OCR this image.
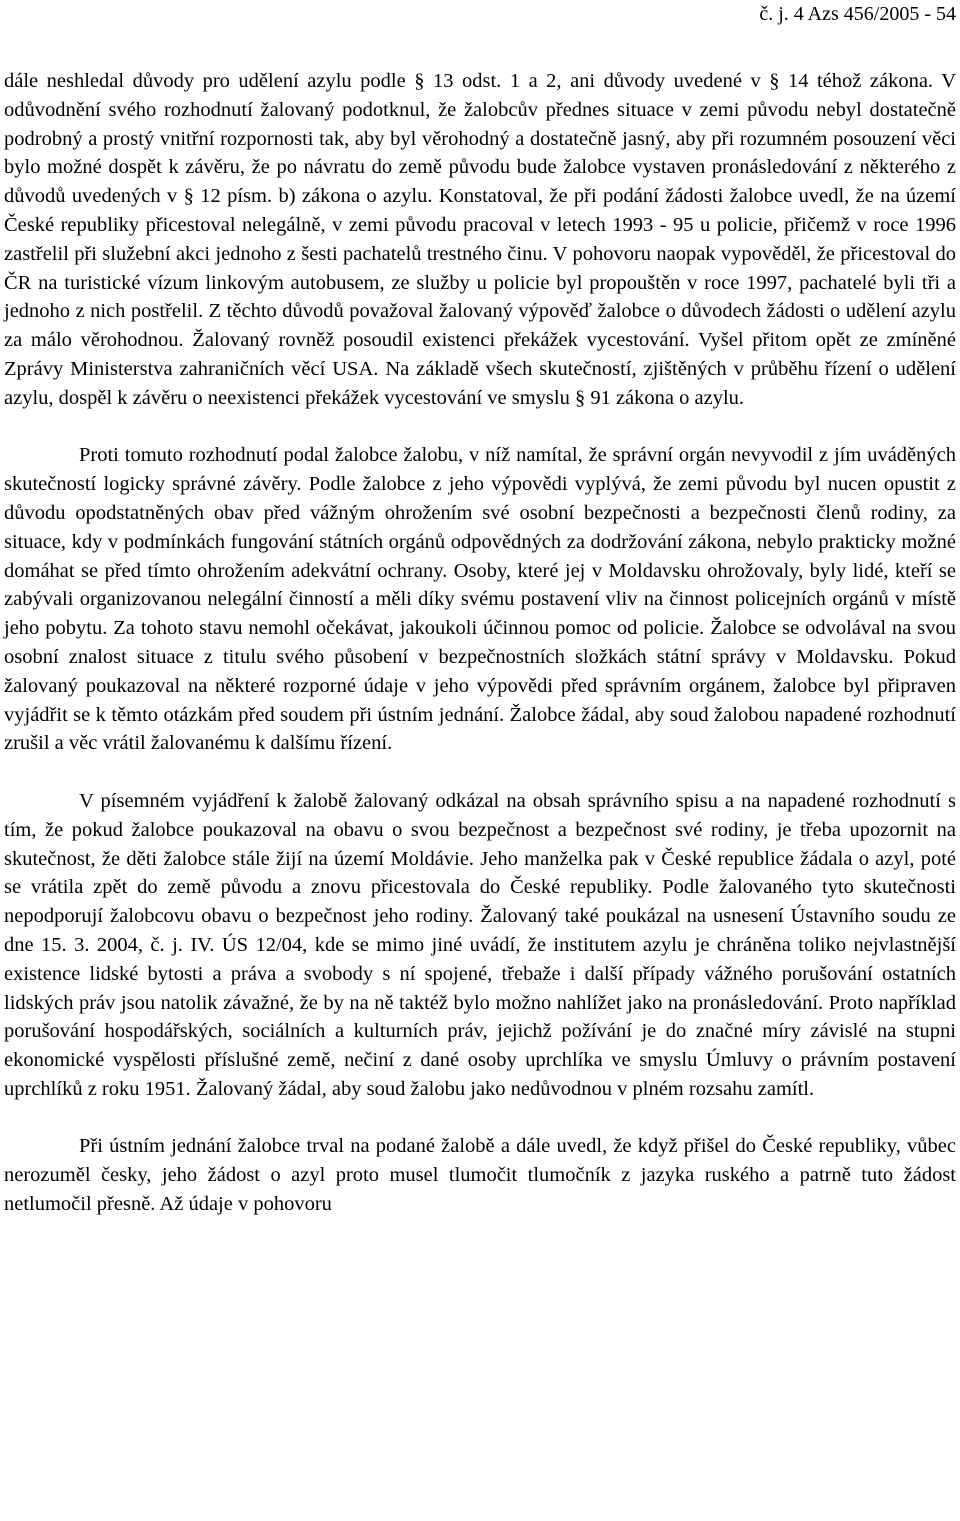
č. j. 4 Azs 456/2005 - 54

dále neshledal důvody pro udělení azylu podle § 13 odst. 1 a 2, ani důvody uvedené v § 14 téhož zákona. V odůvodnění svého rozhodnutí žalovaný podotknul, že žalobcův přednes situace v zemi původu nebyl dostatečně podrobný a prostý vnitřní rozpornosti tak, aby byl věrohodný a dostatečně jasný, aby při rozumném posouzení věci bylo možné dospět k závěru, že po návratu do země původu bude žalobce vystaven pronásledování z některého z důvodů uvedených v § 12 písm. b) zákona o azylu. Konstatoval, že při podání žádosti žalobce uvedl, že na území České republiky přicestoval nelegálně, v zemi původu pracoval v letech 1993 - 95 u policie, přičemž v roce 1996 zastřelil při služební akci jednoho z šesti pachatelů trestného činu. V pohovoru naopak vypověděl, že přicestoval do ČR na turistické vízum linkovým autobusem, ze služby u policie byl propouštěn v roce 1997, pachatelé byli tři a jednoho z nich postřelil. Z těchto důvodů považoval žalovaný výpověď žalobce o důvodech žádosti o udělení azylu za málo věrohodnou. Žalovaný rovněž posoudil existenci překážek vycestování. Vyšel přitom opět ze zmíněné Zprávy Ministerstva zahraničních věcí USA. Na základě všech skutečností, zjištěných v průběhu řízení o udělení azylu, dospěl k závěru o neexistenci překážek vycestování ve smyslu § 91 zákona o azylu.

Proti tomuto rozhodnutí podal žalobce žalobu, v níž namítal, že správní orgán nevyvodil z jím uváděných skutečností logicky správné závěry. Podle žalobce z jeho výpovědi vyplývá, že zemi původu byl nucen opustit z důvodu opodstatněných obav před vážným ohrožením své osobní bezpečnosti a bezpečnosti členů rodiny, za situace, kdy v podmínkách fungování státních orgánů odpovědných za dodržování zákona, nebylo prakticky možné domáhat se před tímto ohrožením adekvátní ochrany. Osoby, které jej v Moldavsku ohrožovaly, byly lidé, kteří se zabývali organizovanou nelegální činností a měli díky svému postavení vliv na činnost policejních orgánů v místě jeho pobytu. Za tohoto stavu nemohl očekávat, jakoukoli účinnou pomoc od policie. Žalobce se odvolával na svou osobní znalost situace z titulu svého působení v bezpečnostních složkách státní správy v Moldavsku. Pokud žalovaný poukazoval na některé rozporné údaje v jeho výpovědi před správním orgánem, žalobce byl připraven vyjádřit se k těmto otázkám před soudem při ústním jednání. Žalobce žádal, aby soud žalobou napadené rozhodnutí zrušil a věc vrátil žalovanému k dalšímu řízení.

V písemném vyjádření k žalobě žalovaný odkázal na obsah správního spisu a na napadené rozhodnutí s tím, že pokud žalobce poukazoval na obavu o svou bezpečnost a bezpečnost své rodiny, je třeba upozornit na skutečnost, že děti žalobce stále žijí na území Moldávie. Jeho manželka pak v České republice žádala o azyl, poté se vrátila zpět do země původu a znovu přicestovala do České republiky. Podle žalovaného tyto skutečnosti nepodporují žalobcovu obavu o bezpečnost jeho rodiny. Žalovaný také poukázal na usnesení Ústavního soudu ze dne 15. 3. 2004, č. j. IV. ÚS 12/04, kde se mimo jiné uvádí, že institutem azylu je chráněna toliko nejvlastnější existence lidské bytosti a práva a svobody s ní spojené, třebaže i další případy vážného porušování ostatních lidských práv jsou natolik závažné, že by na ně taktéž bylo možno nahlížet jako na pronásledování. Proto například porušování hospodářských, sociálních a kulturních práv, jejichž požívání je do značné míry závislé na stupni ekonomické vyspělosti příslušné země, nečiní z dané osoby uprchlíka ve smyslu Úmluvy o právním postavení uprchlíků z roku 1951. Žalovaný žádal, aby soud žalobu jako nedůvodnou v plném rozsahu zamítl.

Při ústním jednání žalobce trval na podané žalobě a dále uvedl, že když přišel do České republiky, vůbec nerozuměl česky, jeho žádost o azyl proto musel tlumočit tlumočník z jazyka ruského a patrně tuto žádost netlumočil přesně. Až údaje v pohovoru
